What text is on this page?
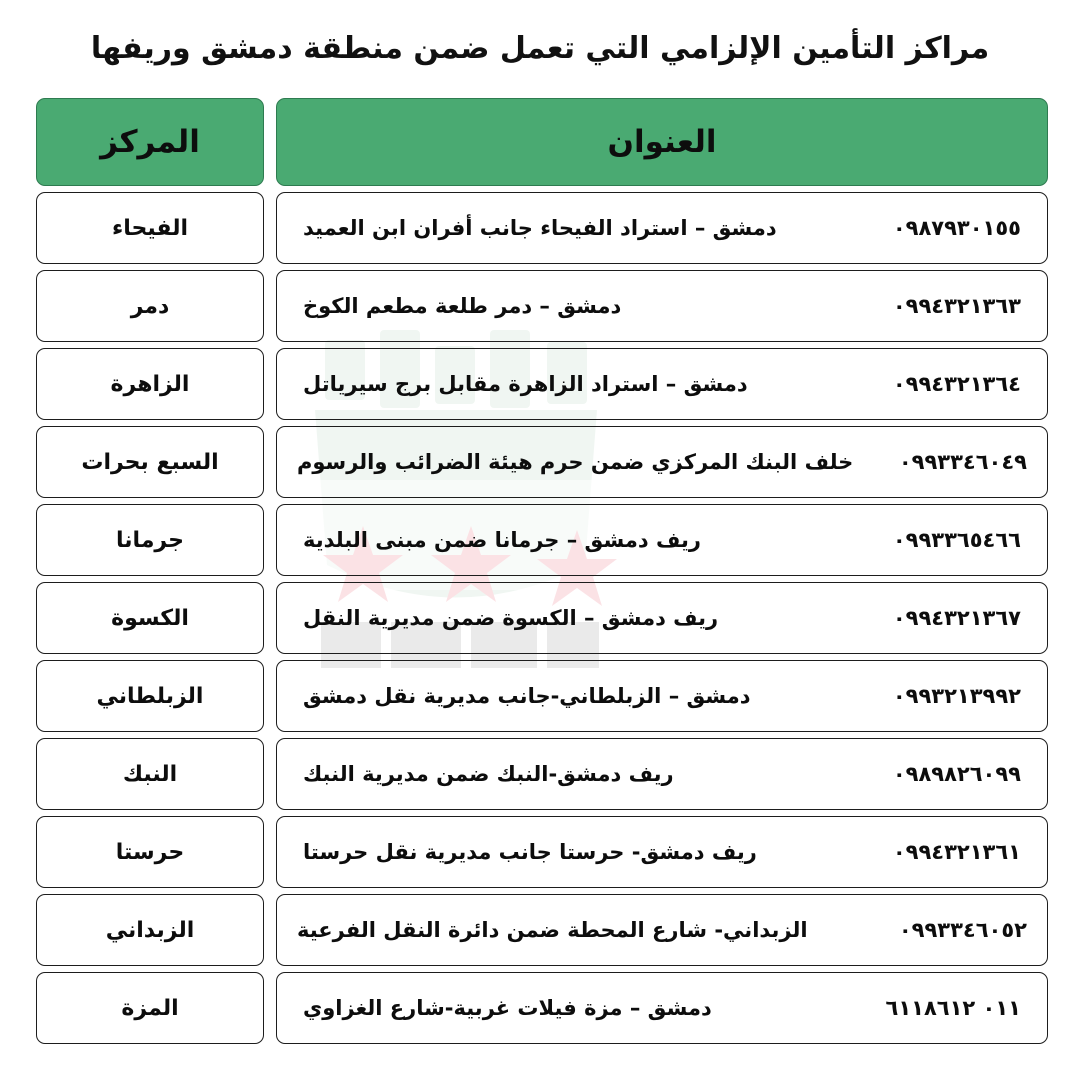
مراكز التأمين الإلزامي التي تعمل ضمن منطقة دمشق وريفها
العنوان
المركز
٠٩٨٧٩٣٠١٥٥
دمشق – استراد الفيحاء جانب أفران ابن العميد
الفيحاء
٠٩٩٤٣٢١٣٦٣
دمشق – دمر طلعة مطعم الكوخ
دمر
٠٩٩٤٣٢١٣٦٤
دمشق – استراد الزاهرة مقابل برج سيرياتل
الزاهرة
٠٩٩٣٣٤٦٠٤٩
خلف البنك المركزي ضمن حرم هيئة الضرائب والرسوم
السبع بحرات
٠٩٩٣٣٦٥٤٦٦
ريف دمشق – جرمانا ضمن مبنى البلدية
جرمانا
٠٩٩٤٣٢١٣٦٧
ريف دمشق – الكسوة ضمن مديرية النقل
الكسوة
٠٩٩٣٢١٣٩٩٢
دمشق – الزبلطاني-جانب مديرية نقل دمشق
الزبلطاني
٠٩٨٩٨٢٦٠٩٩
ريف دمشق-النبك ضمن مديرية النبك
النبك
٠٩٩٤٣٢١٣٦١
ريف دمشق- حرستا جانب مديرية نقل حرستا
حرستا
٠٩٩٣٣٤٦٠٥٢
الزبداني- شارع المحطة ضمن دائرة النقل الفرعية
الزبداني
٠١١ ٦١١٨٦١٢
دمشق – مزة فيلات غربية-شارع الغزاوي
المزة
